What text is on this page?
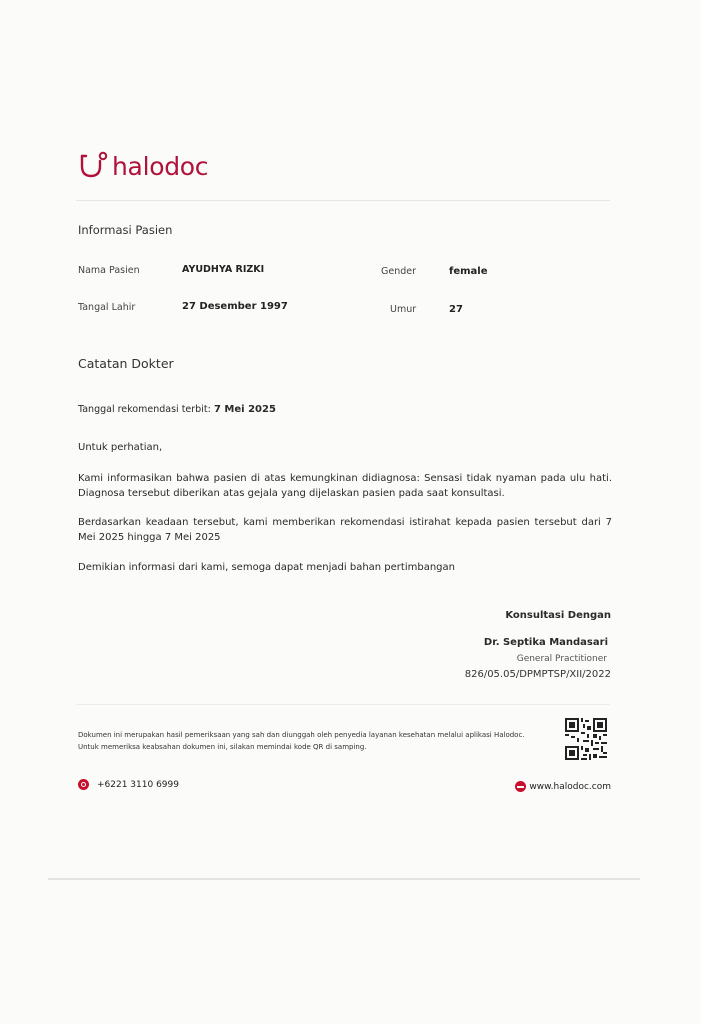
halodoc
Informasi Pasien
Nama Pasien	AYUDHYA RIZKI	Gender	female
Tangal Lahir	27 Desember 1997	Umur	27
Catatan Dokter
Tanggal rekomendasi terbit: 7 Mei 2025
Untuk perhatian,
Kami informasikan bahwa pasien di atas kemungkinan didiagnosa: Sensasi tidak nyaman pada ulu hati. Diagnosa tersebut diberikan atas gejala yang dijelaskan pasien pada saat konsultasi.
Berdasarkan keadaan tersebut, kami memberikan rekomendasi istirahat kepada pasien tersebut dari 7 Mei 2025 hingga 7 Mei 2025
Demikian informasi dari kami, semoga dapat menjadi bahan pertimbangan
Konsultasi Dengan
Dr. Septika Mandasari
General Practitioner
826/05.05/DPMPTSP/XII/2022
Dokumen ini merupakan hasil pemeriksaan yang sah dan diunggah oleh penyedia layanan kesehatan melalui aplikasi Halodoc. Untuk memeriksa keabsahan dokumen ini, silakan memindai kode QR di samping.
+6221 3110 6999	www.halodoc.com
